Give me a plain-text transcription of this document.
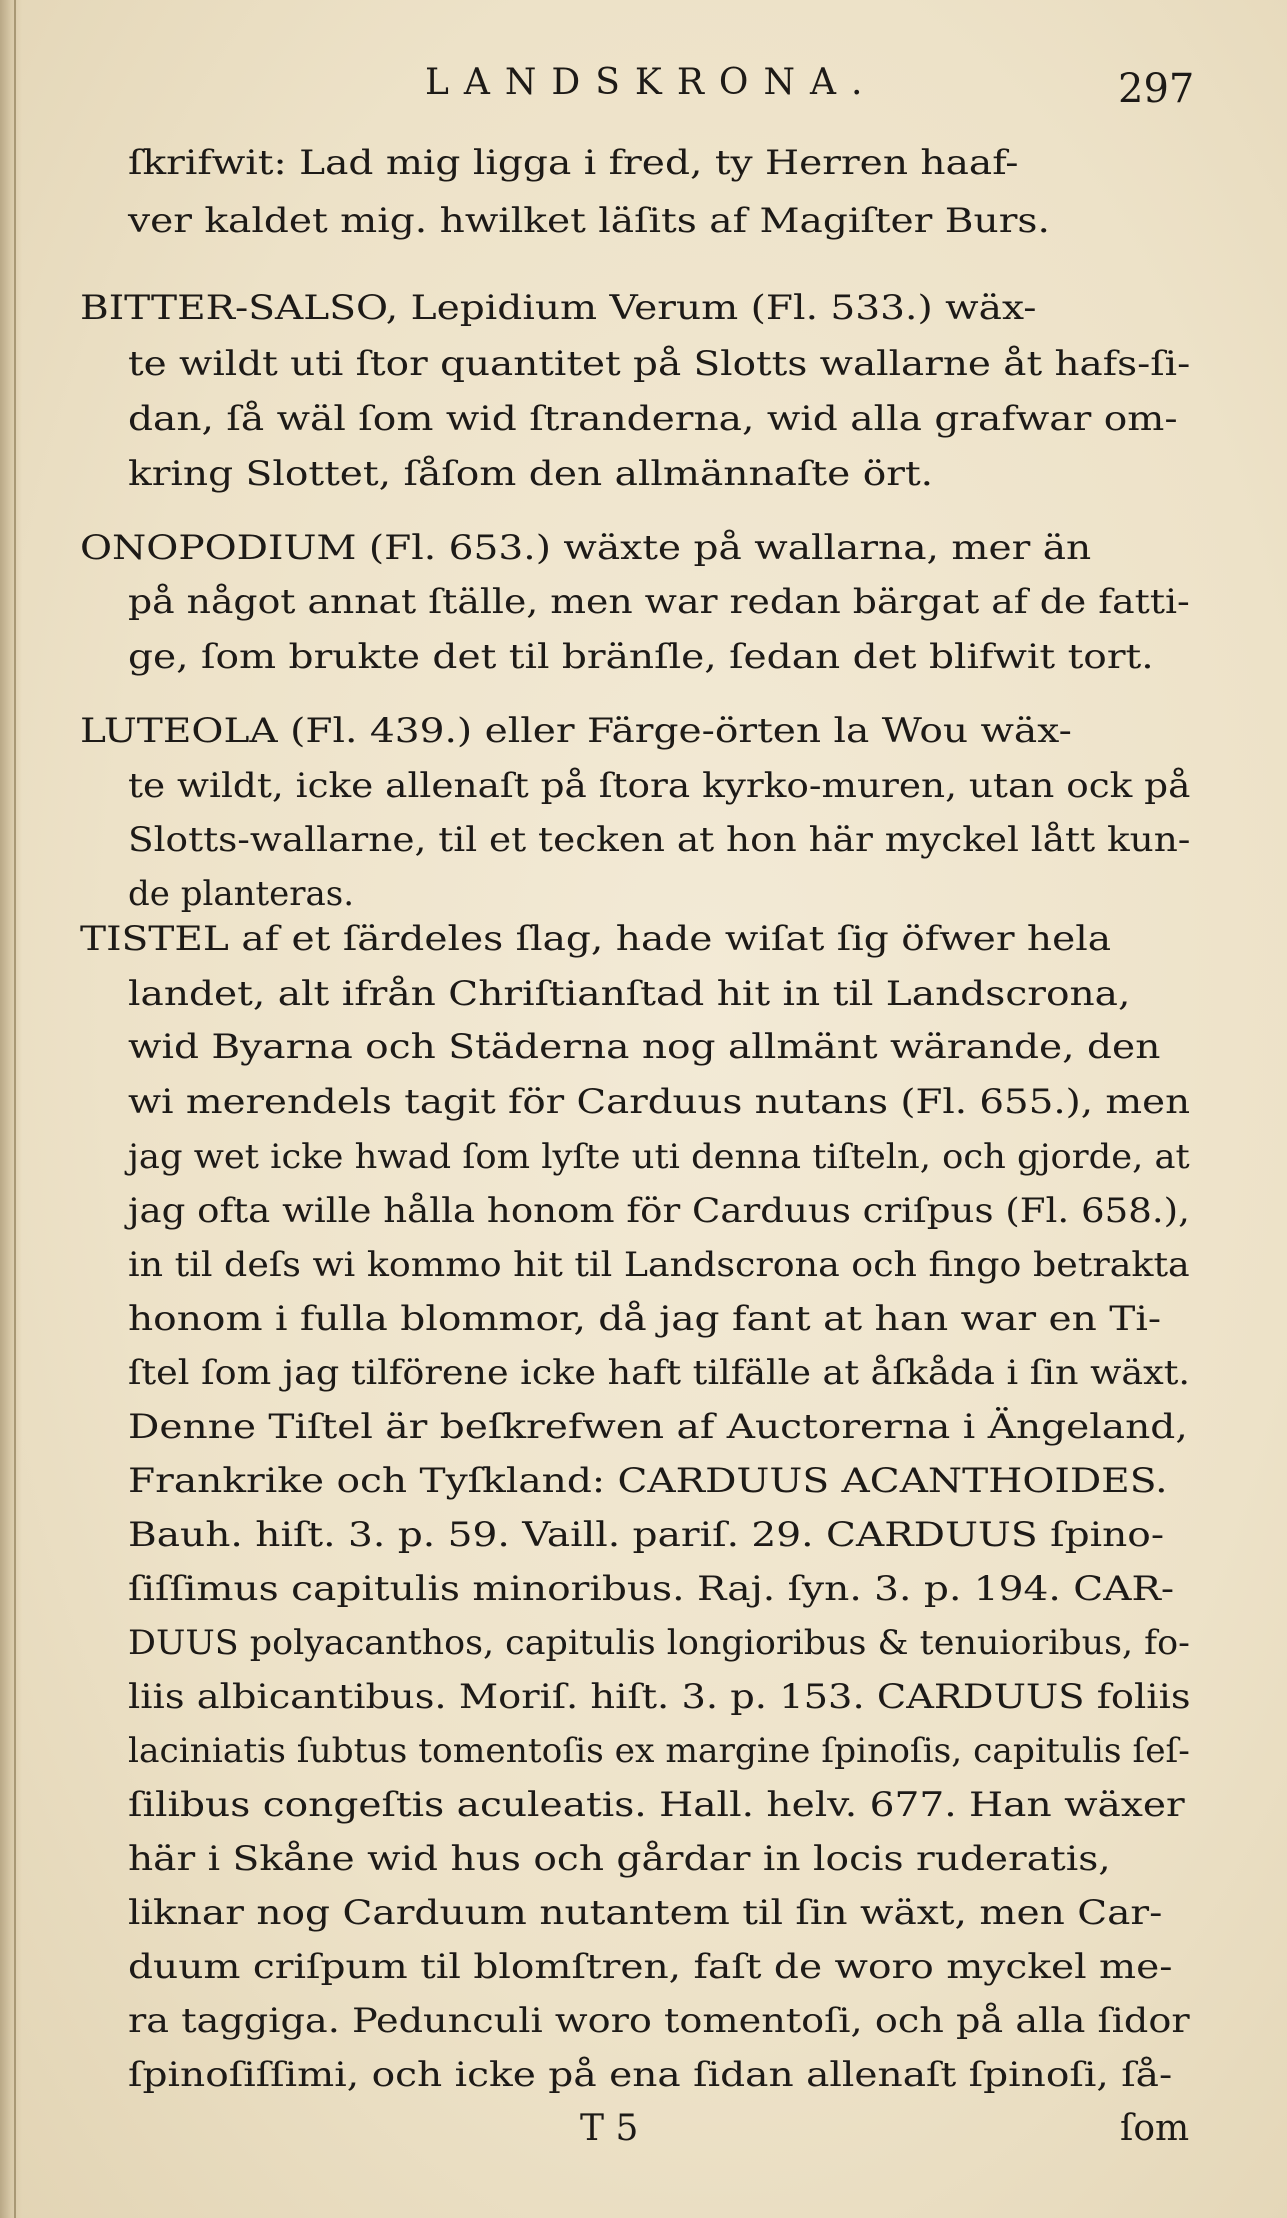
LANDSKRONA.	297
ſkrifwit: Lad mig ligga i fred, ty Herren haaf-
ver kaldet mig. hwilket läſits af Magiſter Burs.
BITTER-SALSO, Lepidium Verum (Fl. 533.) wäx-
te wildt uti ſtor quantitet på Slotts wallarne åt hafs-ſi-
dan, ſå wäl ſom wid ſtranderna, wid alla grafwar om-
kring Slottet, ſåſom den allmännaſte ört.
ONOPODIUM (Fl. 653.) wäxte på wallarna, mer än
på något annat ſtälle, men war redan bärgat af de fatti-
ge, ſom brukte det til bränſle, ſedan det blifwit tort.
LUTEOLA (Fl. 439.) eller Färge-örten la Wou wäx-
te wildt, icke allenaſt på ſtora kyrko-muren, utan ock på
Slotts-wallarne, til et tecken at hon här myckel lått kun-
de planteras.
TISTEL af et ſärdeles ſlag, hade wiſat ſig öfwer hela
landet, alt ifrån Chriſtianſtad hit in til Landscrona,
wid Byarna och Städerna nog allmänt wärande, den
wi merendels tagit för Carduus nutans (Fl. 655.), men
jag wet icke hwad ſom lyſte uti denna tiſteln, och gjorde, at
jag ofta wille hålla honom för Carduus criſpus (Fl. 658.),
in til deſs wi kommo hit til Landscrona och fingo betrakta
honom i fulla blommor, då jag fant at han war en Ti-
ſtel ſom jag tilförene icke haft tilfälle at åſkåda i ſin wäxt.
Denne Tiſtel är beſkrefwen af Auctorerna i Ängeland,
Frankrike och Tyſkland: CARDUUS ACANTHOIDES.
Bauh. hiſt. 3. p. 59. Vaill. pariſ. 29. CARDUUS ſpino-
ſiſſimus capitulis minoribus. Raj. ſyn. 3. p. 194. CAR-
DUUS polyacanthos, capitulis longioribus & tenuioribus, fo-
liis albicantibus. Moriſ. hiſt. 3. p. 153. CARDUUS foliis
laciniatis ſubtus tomentoſis ex margine ſpinoſis, capitulis ſeſ-
ſilibus congeſtis aculeatis. Hall. helv. 677. Han wäxer
här i Skåne wid hus och gårdar in locis ruderatis,
liknar nog Carduum nutantem til ſin wäxt, men Car-
duum criſpum til blomſtren, faſt de woro myckel me-
ra taggiga. Pedunculi woro tomentoſi, och på alla ſidor
ſpinoſiſſimi, och icke på ena ſidan allenaſt ſpinoſi, ſå-
T 5	ſom
